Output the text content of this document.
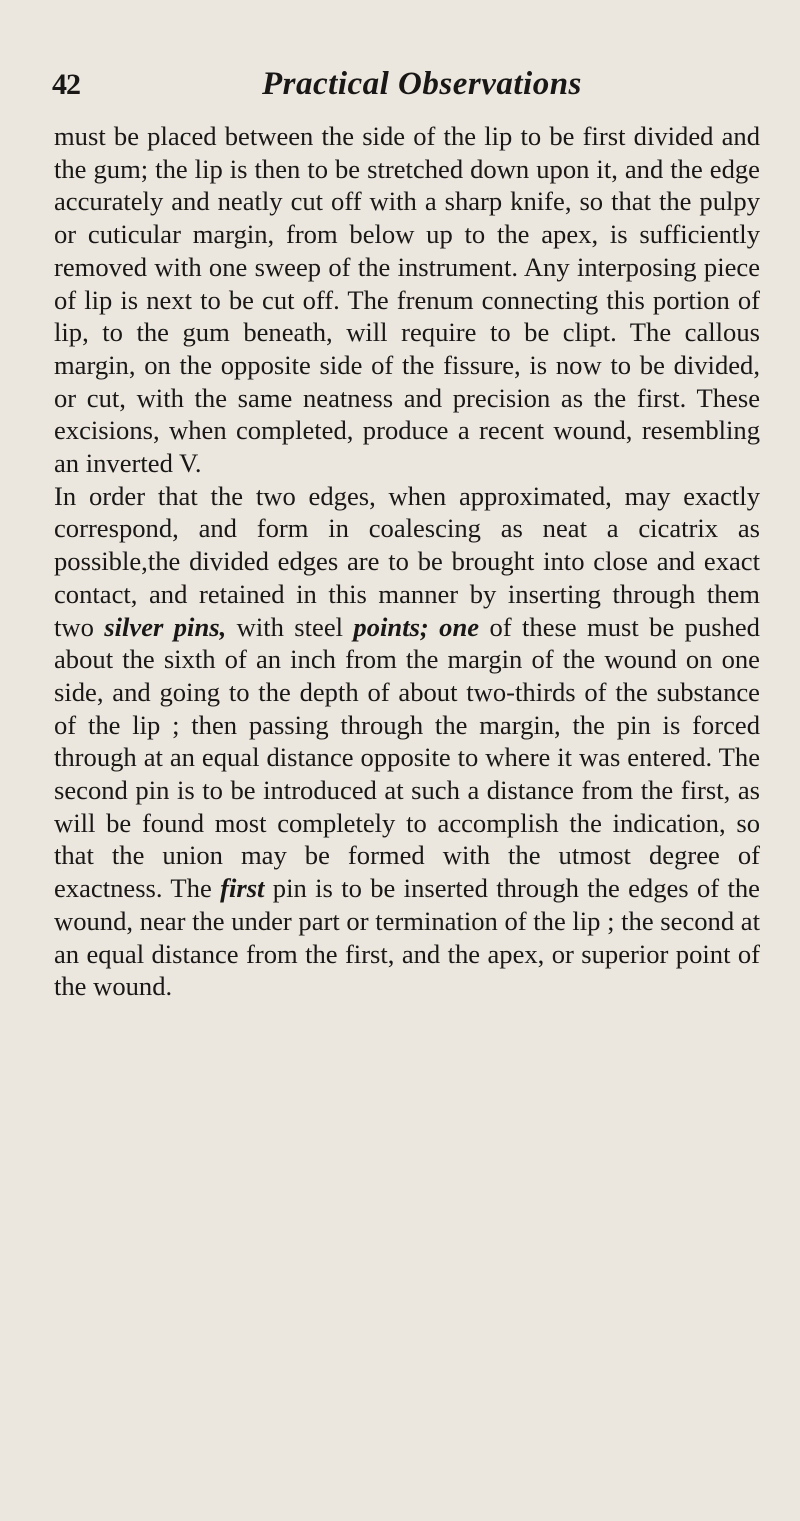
42	Practical Observations

must be placed between the side of the lip to be first divided and the gum; the lip is then to be stretched down upon it, and the edge accurately and neatly cut off with a sharp knife, so that the pulpy or cuticular margin, from below up to the apex, is sufficiently removed with one sweep of the instrument. Any interposing piece of lip is next to be cut off. The frenum connecting this portion of lip, to the gum beneath, will require to be clipt. The callous margin, on the opposite side of the fissure, is now to be divided, or cut, with the same neatness and precision as the first. These excisions, when completed, produce a recent wound, resembling an inverted V.

In order that the two edges, when approximated, may exactly correspond, and form in coalescing as neat a cicatrix as possible,the divided edges are to be brought into close and exact contact, and retained in this manner by inserting through them two silver pins, with steel points; one of these must be pushed about the sixth of an inch from the margin of the wound on one side, and going to the depth of about two-thirds of the substance of the lip ; then passing through the margin, the pin is forced through at an equal distance opposite to where it was entered. The second pin is to be introduced at such a distance from the first, as will be found most completely to accomplish the indication, so that the union may be formed with the utmost degree of exactness. The first pin is to be inserted through the edges of the wound, near the under part or termination of the lip ; the second at an equal distance from the first, and the apex, or superior point of the wound.
